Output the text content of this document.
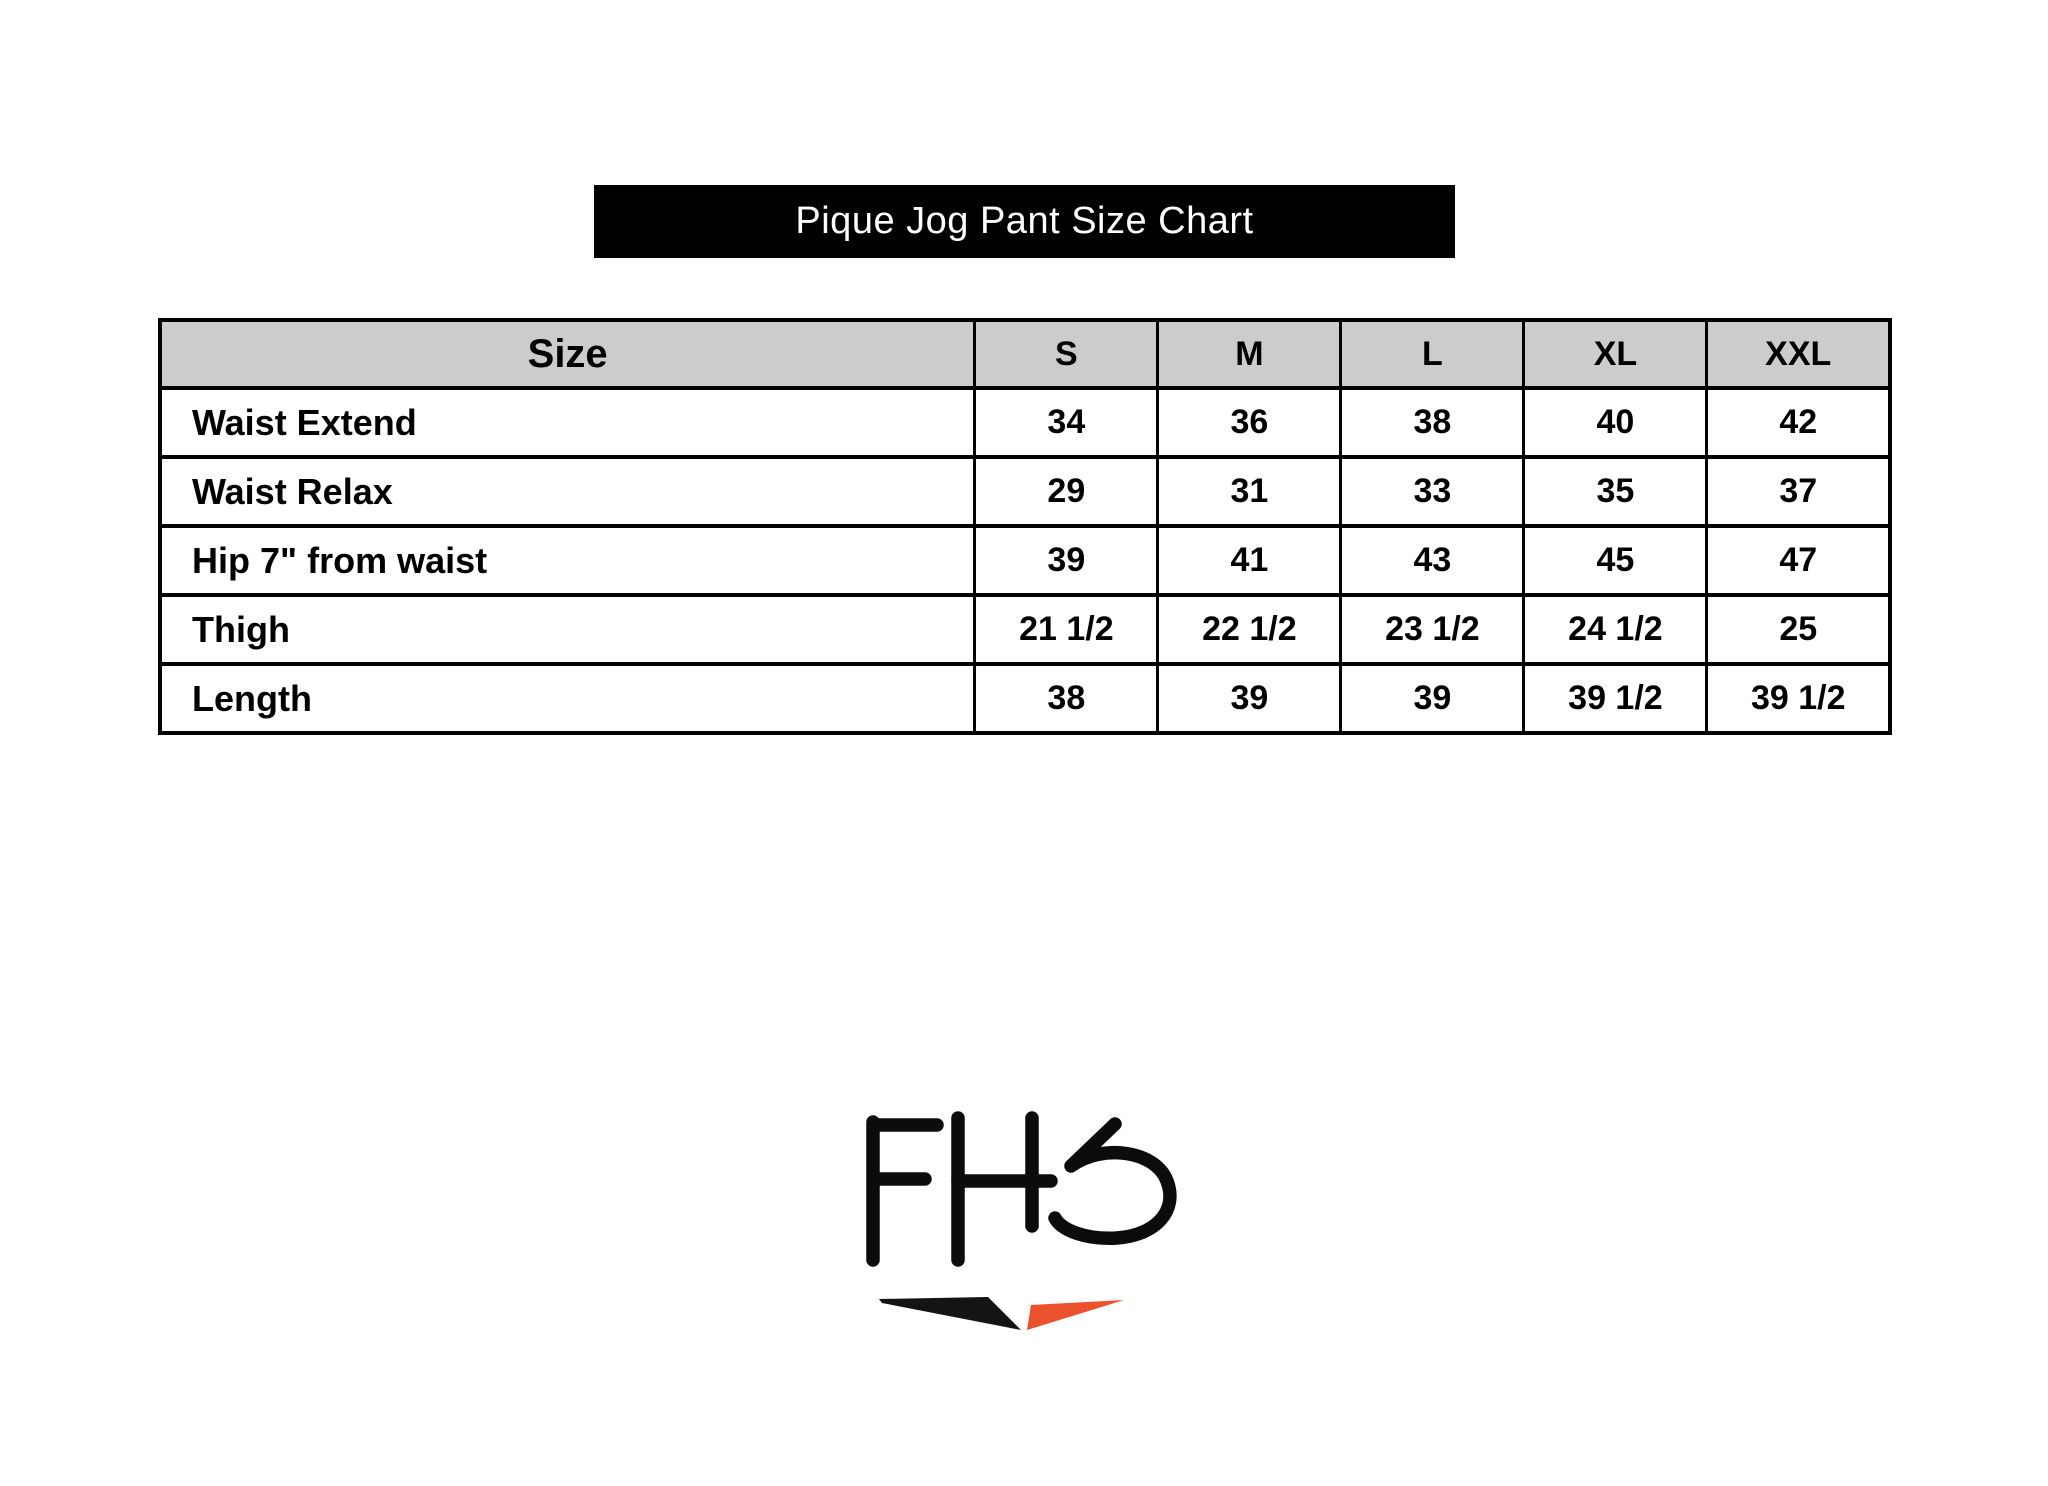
Pique Jog Pant Size Chart
Size	S	M	L	XL	XXL
Waist Extend	34	36	38	40	42
Waist Relax	29	31	33	35	37
Hip 7" from waist	39	41	43	45	47
Thigh	21 1/2	22 1/2	23 1/2	24 1/2	25
Length	38	39	39	39 1/2	39 1/2
